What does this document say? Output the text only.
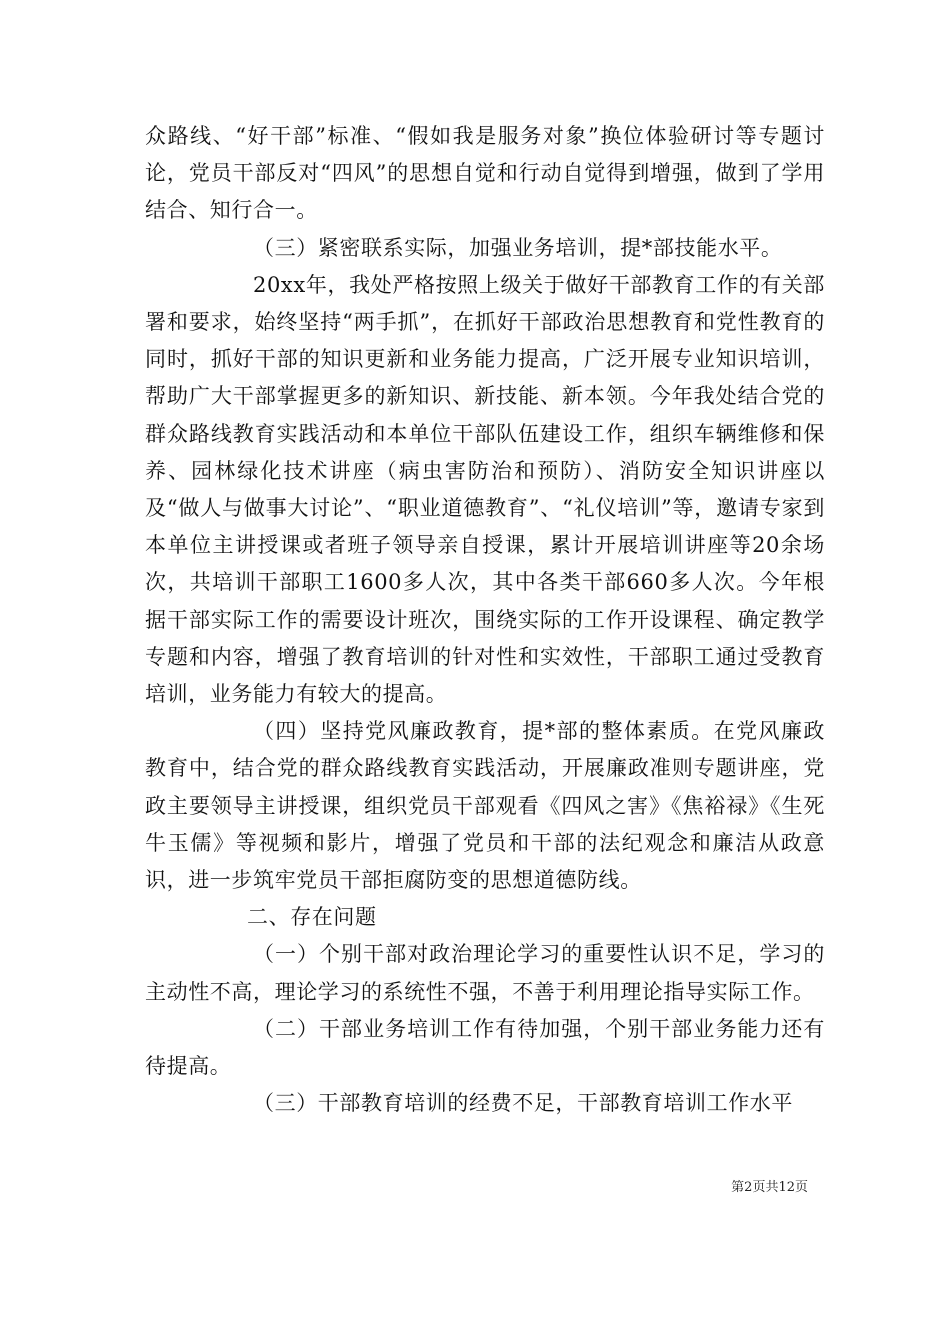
众路线、“好干部”标准、“假如我是服务对象”换位体验研讨等专题讨论，党员干部反对“四风”的思想自觉和行动自觉得到增强，做到了学用结合、知行合一。

（三）紧密联系实际，加强业务培训，提*部技能水平。

20xx年，我处严格按照上级关于做好干部教育工作的有关部署和要求，始终坚持“两手抓”，在抓好干部政治思想教育和党性教育的同时，抓好干部的知识更新和业务能力提高，广泛开展专业知识培训，帮助广大干部掌握更多的新知识、新技能、新本领。今年我处结合党的群众路线教育实践活动和本单位干部队伍建设工作，组织车辆维修和保养、园林绿化技术讲座（病虫害防治和预防）、消防安全知识讲座以及“做人与做事大讨论”、“职业道德教育”、“礼仪培训”等，邀请专家到本单位主讲授课或者班子领导亲自授课，累计开展培训讲座等20余场次，共培训干部职工1600多人次，其中各类干部660多人次。今年根据干部实际工作的需要设计班次，围绕实际的工作开设课程、确定教学专题和内容，增强了教育培训的针对性和实效性，干部职工通过受教育培训，业务能力有较大的提高。

（四）坚持党风廉政教育，提*部的整体素质。在党风廉政教育中，结合党的群众路线教育实践活动，开展廉政准则专题讲座，党政主要领导主讲授课，组织党员干部观看《四风之害》《焦裕禄》《生死牛玉儒》等视频和影片，增强了党员和干部的法纪观念和廉洁从政意识，进一步筑牢党员干部拒腐防变的思想道德防线。

二、存在问题

（一）个别干部对政治理论学习的重要性认识不足，学习的主动性不高，理论学习的系统性不强，不善于利用理论指导实际工作。

（二）干部业务培训工作有待加强，个别干部业务能力还有待提高。

（三）干部教育培训的经费不足，干部教育培训工作水平

第2页共12页
